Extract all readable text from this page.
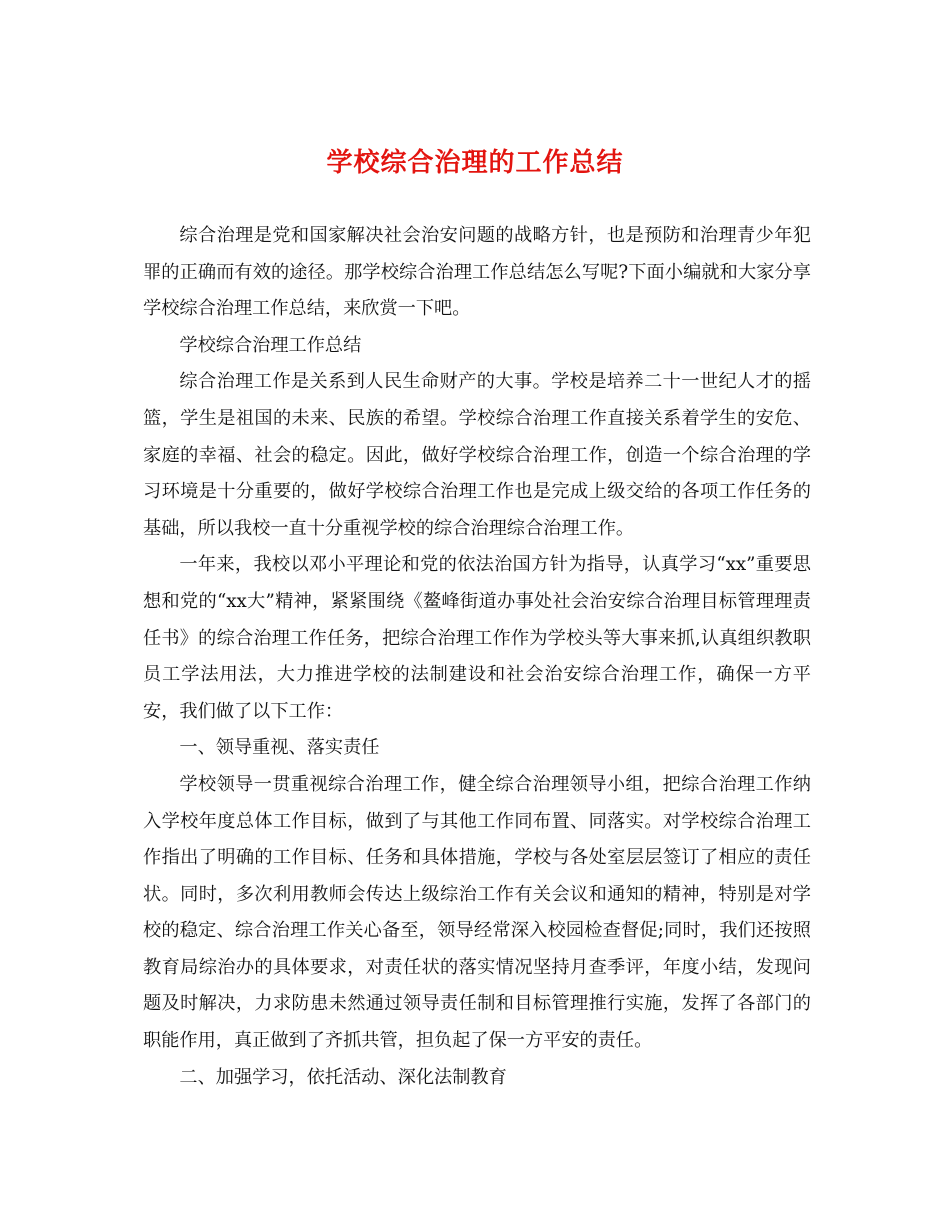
学校综合治理的工作总结

综合治理是党和国家解决社会治安问题的战略方针，也是预防和治理青少年犯罪的正确而有效的途径。那学校综合治理工作总结怎么写呢?下面小编就和大家分享学校综合治理工作总结，来欣赏一下吧。

学校综合治理工作总结

综合治理工作是关系到人民生命财产的大事。学校是培养二十一世纪人才的摇篮，学生是祖国的未来、民族的希望。学校综合治理工作直接关系着学生的安危、家庭的幸福、社会的稳定。因此，做好学校综合治理工作，创造一个综合治理的学习环境是十分重要的，做好学校综合治理工作也是完成上级交给的各项工作任务的基础，所以我校一直十分重视学校的综合治理综合治理工作。

一年来，我校以邓小平理论和党的依法治国方针为指导，认真学习“xx”重要思想和党的“xx大”精神，紧紧围绕《鳌峰街道办事处社会治安综合治理目标管理理责任书》的综合治理工作任务，把综合治理工作作为学校头等大事来抓,认真组织教职员工学法用法，大力推进学校的法制建设和社会治安综合治理工作，确保一方平安，我们做了以下工作：

一、领导重视、落实责任

学校领导一贯重视综合治理工作，健全综合治理领导小组，把综合治理工作纳入学校年度总体工作目标，做到了与其他工作同布置、同落实。对学校综合治理工作指出了明确的工作目标、任务和具体措施，学校与各处室层层签订了相应的责任状。同时，多次利用教师会传达上级综治工作有关会议和通知的精神，特别是对学校的稳定、综合治理工作关心备至，领导经常深入校园检查督促;同时，我们还按照教育局综治办的具体要求，对责任状的落实情况坚持月查季评，年度小结，发现问题及时解决，力求防患未然通过领导责任制和目标管理推行实施，发挥了各部门的职能作用，真正做到了齐抓共管，担负起了保一方平安的责任。

二、加强学习，依托活动、深化法制教育
